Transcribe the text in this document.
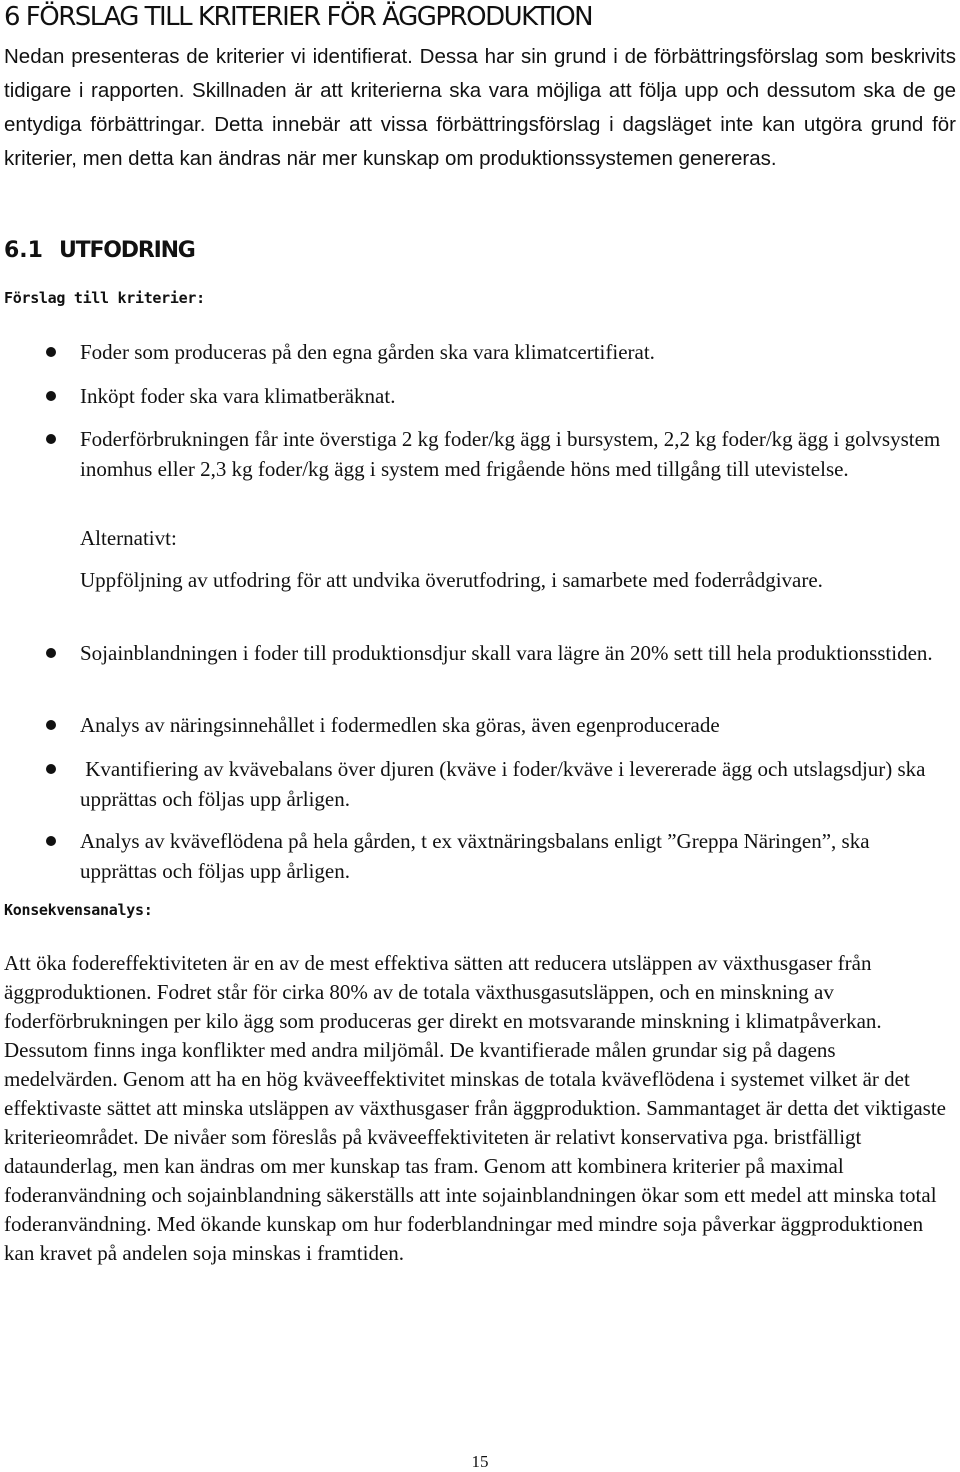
6 FÖRSLAG TILL KRITERIER FÖR ÄGGPRODUKTION

Nedan presenteras de kriterier vi identifierat. Dessa har sin grund i de förbättringsförslag som beskrivits tidigare i rapporten. Skillnaden är att kriterierna ska vara möjliga att följa upp och dessutom ska de ge entydiga förbättringar. Detta innebär att vissa förbättringsförslag i dagsläget inte kan utgöra grund för kriterier, men detta kan ändras när mer kunskap om produktionssystemen genereras.

6.1 UTFODRING

Förslag till kriterier:

Foder som produceras på den egna gården ska vara klimatcertifierat.

Inköpt foder ska vara klimatberäknat.

Foderförbrukningen får inte överstiga 2 kg foder/kg ägg i bursystem, 2,2 kg foder/kg ägg i golvsystem inomhus eller 2,3 kg foder/kg ägg i system med frigående höns med tillgång till utevistelse.

Alternativt:

Uppföljning av utfodring för att undvika överutfodring, i samarbete med foderrådgivare.

Sojainblandningen i foder till produktionsdjur skall vara lägre än 20% sett till hela produktionsstiden.

Analys av näringsinnehållet i fodermedlen ska göras, även egenproducerade

Kvantifiering av kvävebalans över djuren (kväve i foder/kväve i levererade ägg och utslagsdjur) ska upprättas och följas upp årligen.

Analys av kväveflödena på hela gården, t ex växtnäringsbalans enligt ”Greppa Näringen”, ska upprättas och följas upp årligen.

Konsekvensanalys:

Att öka fodereffektiviteten är en av de mest effektiva sätten att reducera utsläppen av växthusgaser från äggproduktionen. Fodret står för cirka 80% av de totala växthusgasutsläppen, och en minskning av foderförbrukningen per kilo ägg som produceras ger direkt en motsvarande minskning i klimatpåverkan. Dessutom finns inga konflikter med andra miljömål. De kvantifierade målen grundar sig på dagens medelvärden. Genom att ha en hög kväveeffektivitet minskas de totala kväveflödena i systemet vilket är det effektivaste sättet att minska utsläppen av växthusgaser från äggproduktion. Sammantaget är detta det viktigaste kriterieområdet. De nivåer som föreslås på kväveeffektiviteten är relativt konservativa pga. bristfälligt dataunderlag, men kan ändras om mer kunskap tas fram. Genom att kombinera kriterier på maximal foderanvändning och sojainblandning säkerställs att inte sojainblandningen ökar som ett medel att minska total foderanvändning. Med ökande kunskap om hur foderblandningar med mindre soja påverkar äggproduktionen kan kravet på andelen soja minskas i framtiden.

15
